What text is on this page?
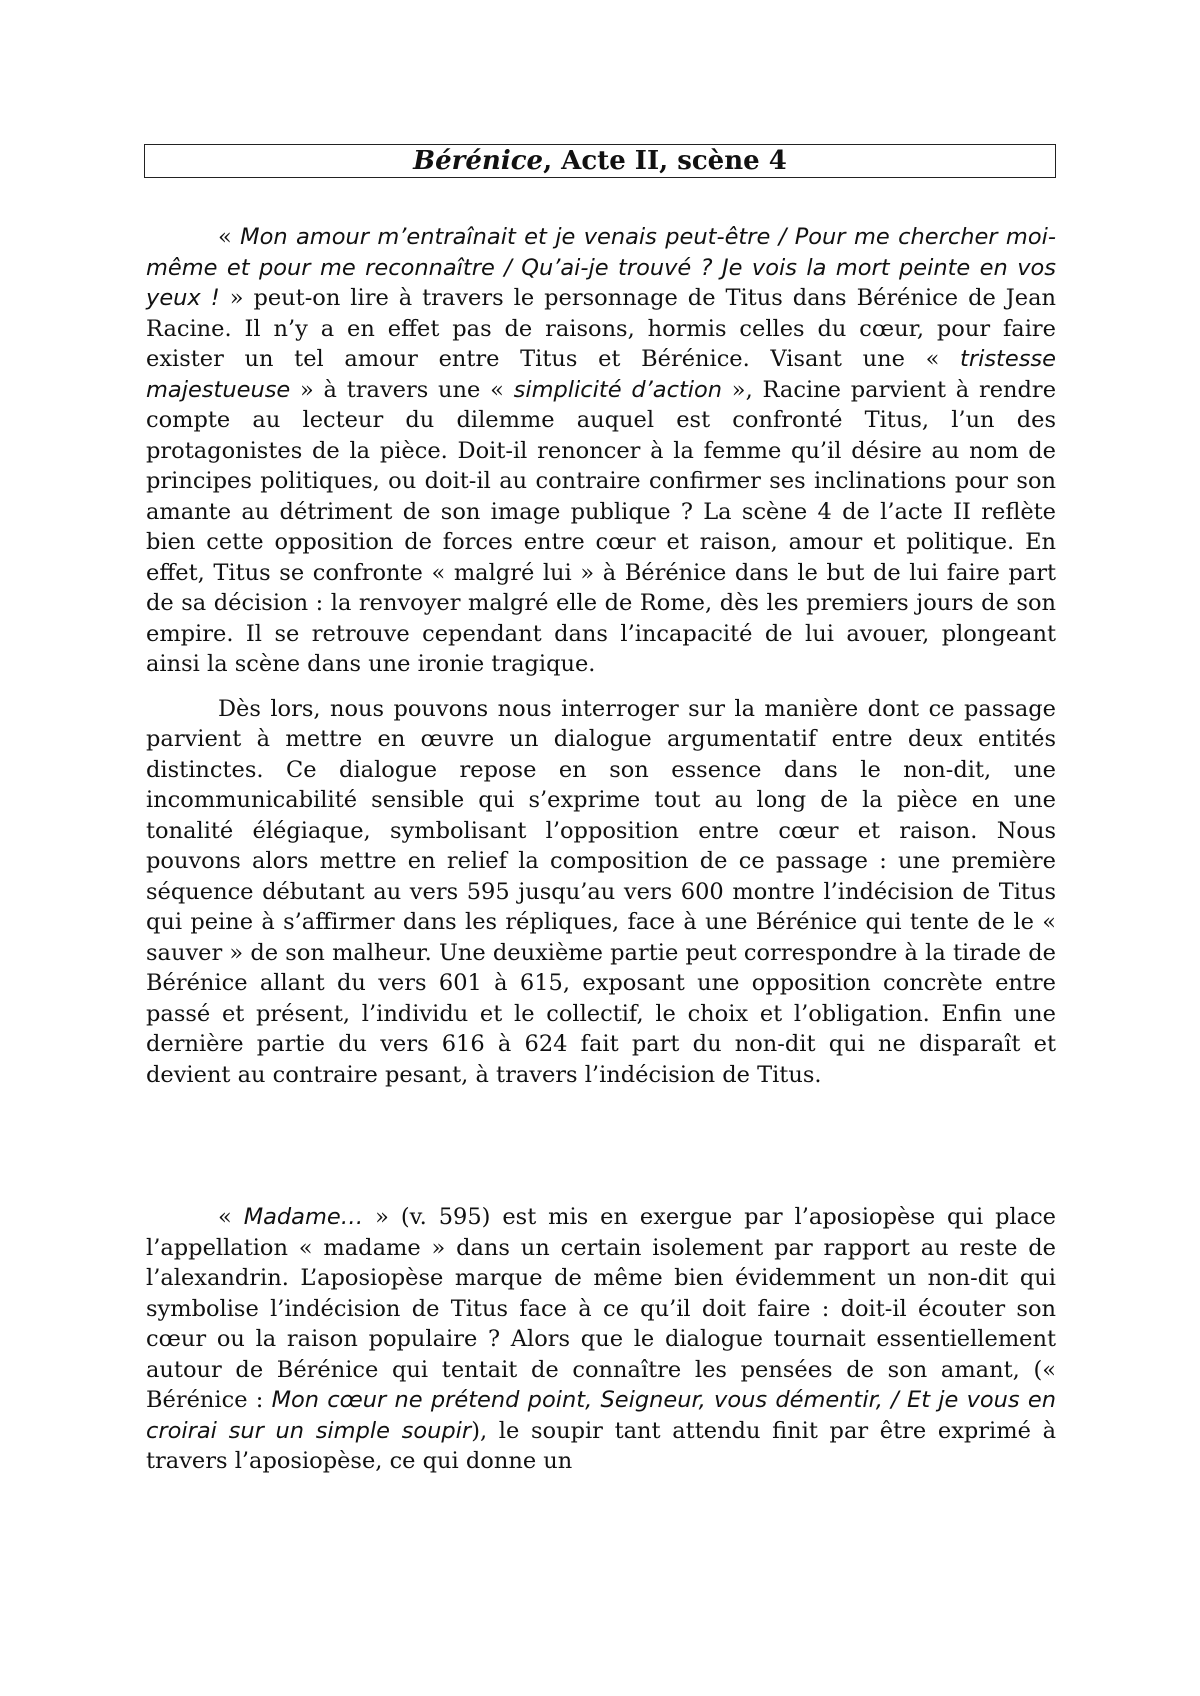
Bérénice, Acte II, scène 4

« Mon amour m’entraînait et je venais peut-être / Pour me chercher moi-même et pour me reconnaître / Qu’ai-je trouvé ? Je vois la mort peinte en vos yeux ! » peut-on lire à travers le personnage de Titus dans Bérénice de Jean Racine. Il n’y a en effet pas de raisons, hormis celles du cœur, pour faire exister un tel amour entre Titus et Bérénice. Visant une « tristesse majestueuse » à travers une « simplicité d’action », Racine parvient à rendre compte au lecteur du dilemme auquel est confronté Titus, l’un des protagonistes de la pièce. Doit-il renoncer à la femme qu’il désire au nom de principes politiques, ou doit-il au contraire confirmer ses inclinations pour son amante au détriment de son image publique ? La scène 4 de l’acte II reflète bien cette opposition de forces entre cœur et raison, amour et politique. En effet, Titus se confronte « malgré lui » à Bérénice dans le but de lui faire part de sa décision : la renvoyer malgré elle de Rome, dès les premiers jours de son empire. Il se retrouve cependant dans l’incapacité de lui avouer, plongeant ainsi la scène dans une ironie tragique.

Dès lors, nous pouvons nous interroger sur la manière dont ce passage parvient à mettre en œuvre un dialogue argumentatif entre deux entités distinctes. Ce dialogue repose en son essence dans le non-dit, une incommunicabilité sensible qui s’exprime tout au long de la pièce en une tonalité élégiaque, symbolisant l’opposition entre cœur et raison. Nous pouvons alors mettre en relief la composition de ce passage : une première séquence débutant au vers 595 jusqu’au vers 600 montre l’indécision de Titus qui peine à s’affirmer dans les répliques, face à une Bérénice qui tente de le « sauver » de son malheur. Une deuxième partie peut correspondre à la tirade de Bérénice allant du vers 601 à 615, exposant une opposition concrète entre passé et présent, l’individu et le collectif, le choix et l’obligation. Enfin une dernière partie du vers 616 à 624 fait part du non-dit qui ne disparaît et devient au contraire pesant, à travers l’indécision de Titus.

« Madame… » (v. 595) est mis en exergue par l’aposiopèse qui place l’appellation « madame » dans un certain isolement par rapport au reste de l’alexandrin. L’aposiopèse marque de même bien évidemment un non-dit qui symbolise l’indécision de Titus face à ce qu’il doit faire : doit-il écouter son cœur ou la raison populaire ? Alors que le dialogue tournait essentiellement autour de Bérénice qui tentait de connaître les pensées de son amant, (« Bérénice : Mon cœur ne prétend point, Seigneur, vous démentir, / Et je vous en croirai sur un simple soupir), le soupir tant attendu finit par être exprimé à travers l’aposiopèse, ce qui donne un
